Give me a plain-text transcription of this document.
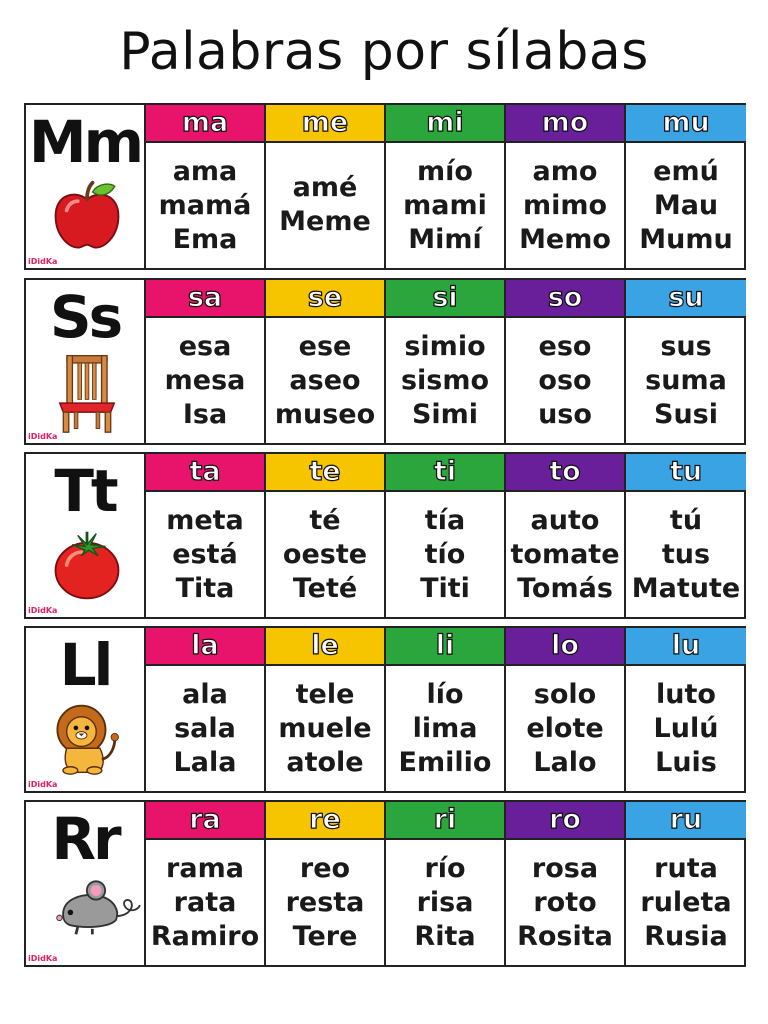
Palabras por sílabas
Mm
iDidKa
ma
ama
mamá
Ema
me
amé
Meme
mi
mío
mami
Mimí
mo
amo
mimo
Memo
mu
emú
Mau
Mumu
Ss
iDidKa
sa
esa
mesa
Isa
se
ese
aseo
museo
si
simio
sismo
Simi
so
eso
oso
uso
su
sus
suma
Susi
Tt
iDidKa
ta
meta
está
Tita
te
té
oeste
Teté
ti
tía
tío
Titi
to
auto
tomate
Tomás
tu
tú
tus
Matute
Ll
iDidKa
la
ala
sala
Lala
le
tele
muele
atole
li
lío
lima
Emilio
lo
solo
elote
Lalo
lu
luto
Lulú
Luis
Rr
iDidKa
ra
rama
rata
Ramiro
re
reo
resta
Tere
ri
río
risa
Rita
ro
rosa
roto
Rosita
ru
ruta
ruleta
Rusia
